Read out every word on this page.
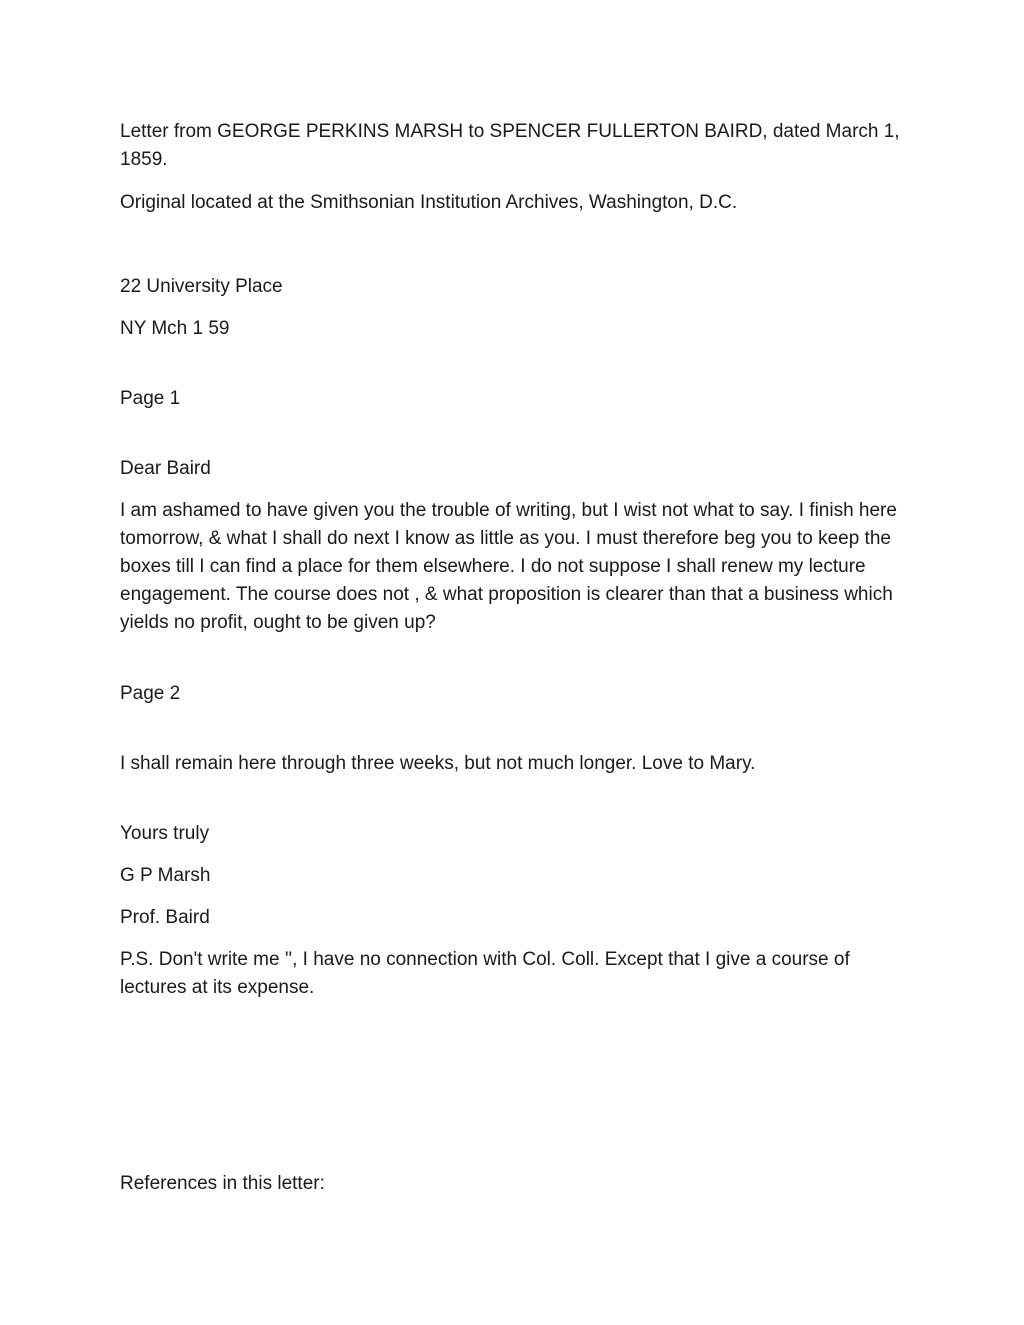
Letter from GEORGE PERKINS MARSH to SPENCER FULLERTON BAIRD, dated March 1, 1859.

Original located at the Smithsonian Institution Archives, Washington, D.C.

22 University Place

NY Mch 1 59

Page 1

Dear Baird

I am ashamed to have given you the trouble of writing, but I wist not what to say. I finish here tomorrow, & what I shall do next I know as little as you. I must therefore beg you to keep the boxes till I can find a place for them elsewhere. I do not suppose I shall renew my lecture engagement. The course does not , & what proposition is clearer than that a business which yields no profit, ought to be given up?

Page 2

I shall remain here through three weeks, but not much longer. Love to Mary.

Yours truly

G P Marsh

Prof. Baird

P.S. Don't write me '', I have no connection with Col. Coll. Except that I give a course of lectures at its expense.

References in this letter:
